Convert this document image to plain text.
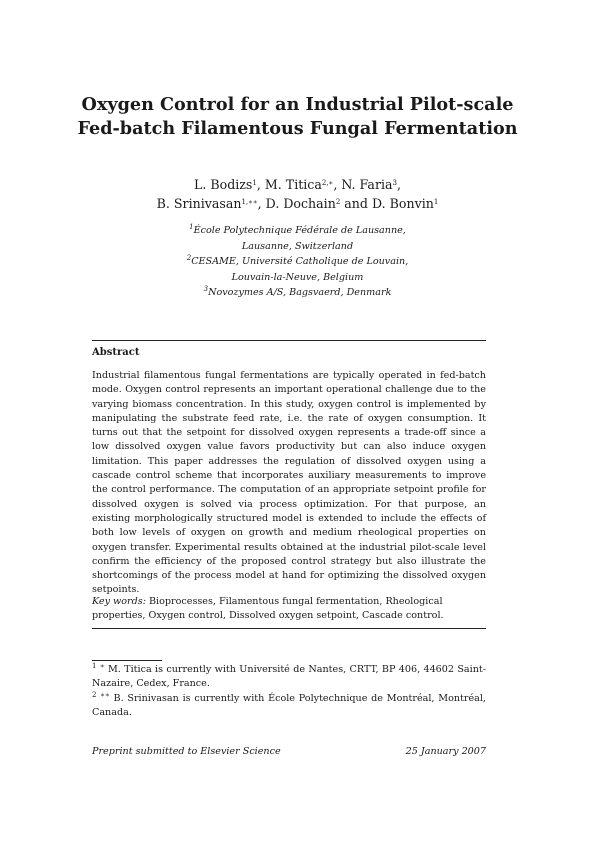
Oxygen Control for an Industrial Pilot-scale
Fed-batch Filamentous Fungal Fermentation
L. Bodizs$^1$, M. Titica$^{2,∗}$, N. Faria$^3$,
B. Srinivasan$^{1,∗∗}$, D. Dochain$^2$ and D. Bonvin$^1$
$^1$École Polytechnique Fédérale de Lausanne,
Lausanne, Switzerland
$^2$CESAME, Université Catholique de Louvain,
Louvain-la-Neuve, Belgium
$^3$Novozymes A/S, Bagsvaerd, Denmark
Abstract
Industrial filamentous fungal fermentations are typically operated in fed-batch mode. Oxygen control represents an important operational challenge due to the varying biomass concentration. In this study, oxygen control is implemented by manipulating the substrate feed rate, i.e. the rate of oxygen consumption. It turns out that the setpoint for dissolved oxygen represents a trade-off since a low dissolved oxygen value favors productivity but can also induce oxygen limitation. This paper addresses the regulation of dissolved oxygen using a cascade control scheme that incorporates auxiliary measurements to improve the control performance. The computation of an appropriate setpoint profile for dissolved oxygen is solved via process optimization. For that purpose, an existing morphologically structured model is extended to include the effects of both low levels of oxygen on growth and medium rheological properties on oxygen transfer. Experimental results obtained at the industrial pilot-scale level confirm the efficiency of the proposed control strategy but also illustrate the shortcomings of the process model at hand for optimizing the dissolved oxygen setpoints.
Key words: Bioprocesses, Filamentous fungal fermentation, Rheological properties, Oxygen control, Dissolved oxygen setpoint, Cascade control.
$^1$ ∗ M. Titica is currently with Université de Nantes, CRTT, BP 406, 44602 Saint-Nazaire, Cedex, France.
$^2$ ∗∗ B. Srinivasan is currently with École Polytechnique de Montréal, Montréal, Canada.
Preprint submitted to Elsevier Science	25 January 2007
